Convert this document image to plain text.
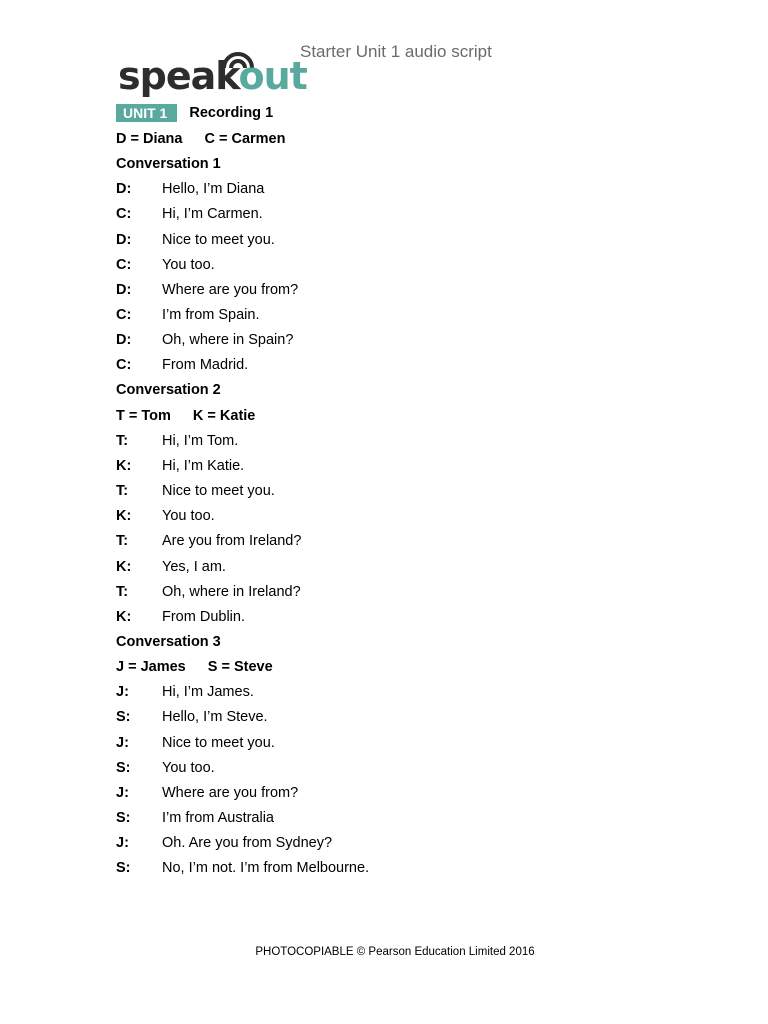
speakout
Starter Unit 1 audio script
UNIT 1	Recording 1
D = Diana C = Carmen
Conversation 1
D: Hello, I’m Diana
C: Hi, I’m Carmen.
D: Nice to meet you.
C: You too.
D: Where are you from?
C: I’m from Spain.
D: Oh, where in Spain?
C: From Madrid.
Conversation 2
T = Tom K = Katie
T: Hi, I’m Tom.
K: Hi, I’m Katie.
T: Nice to meet you.
K: You too.
T: Are you from Ireland?
K: Yes, I am.
T: Oh, where in Ireland?
K: From Dublin.
Conversation 3
J = James S = Steve
J: Hi, I’m James.
S: Hello, I’m Steve.
J: Nice to meet you.
S: You too.
J: Where are you from?
S: I’m from Australia
J: Oh. Are you from Sydney?
S: No, I’m not. I’m from Melbourne.
PHOTOCOPIABLE © Pearson Education Limited 2016
